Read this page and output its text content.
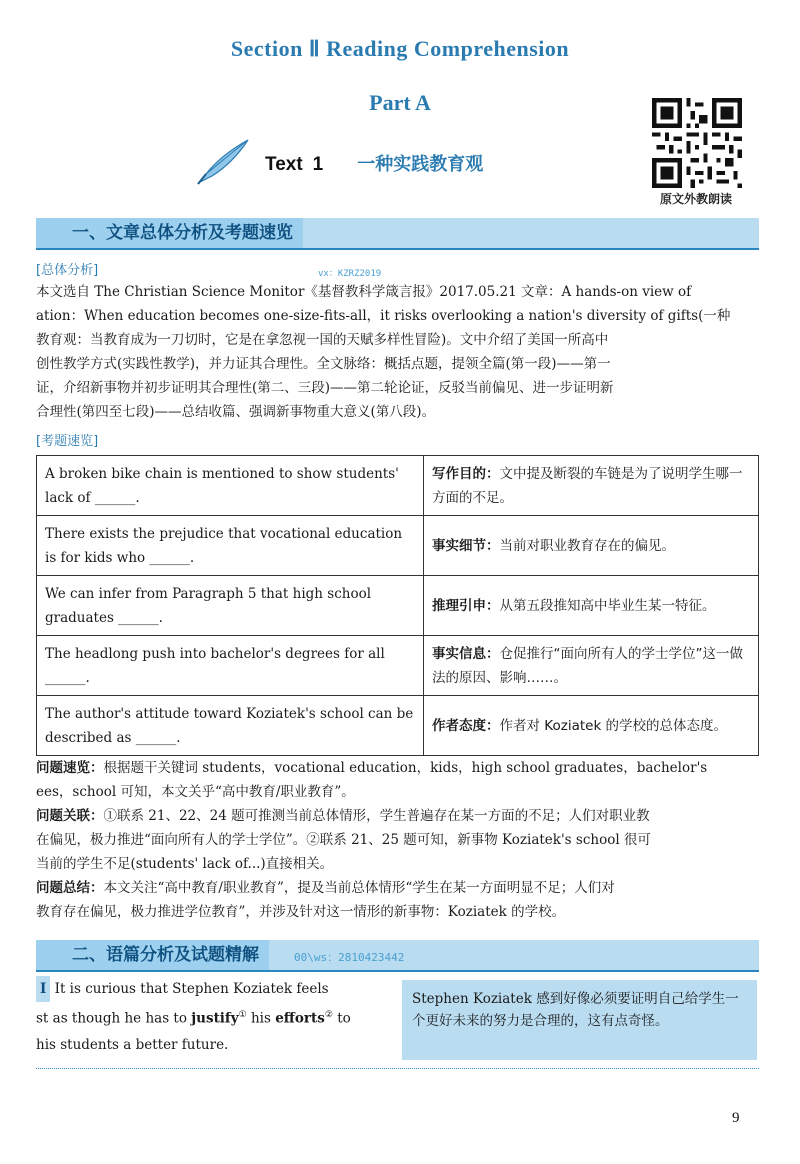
Section Ⅱ Reading Comprehension
Part A
Text 1 一种实践教育观
原文外教朗读
一、文章总体分析及考题速览
[总体分析]	vx：KZRZ2019
本文选自 The Christian Science Monitor《基督教科学箴言报》2017.05.21 文章：A hands-on view of
ation：When education becomes one-size-fits-all，it risks overlooking a nation's diversity of gifts(一种
教育观：当教育成为一刀切时，它是在拿忽视一国的天赋多样性冒险)。文中介绍了美国一所高中
创性教学方式(实践性教学)，并力证其合理性。全文脉络：概括点题，提领全篇(第一段)——第一
证，介绍新事物并初步证明其合理性(第二、三段)——第二轮论证，反驳当前偏见、进一步证明新
合理性(第四至七段)——总结收篇、强调新事物重大意义(第八段)。
[考题速览]
A broken bike chain is mentioned to show students' lack of ______.	写作目的：文中提及断裂的车链是为了说明学生哪一方面的不足。
There exists the prejudice that vocational education is for kids who ______.	事实细节：当前对职业教育存在的偏见。
We can infer from Paragraph 5 that high school graduates ______.	推理引申：从第五段推知高中毕业生某一特征。
The headlong push into bachelor's degrees for all ______.	事实信息：仓促推行“面向所有人的学士学位”这一做法的原因、影响……。
The author's attitude toward Koziatek's school can be described as ______.	作者态度：作者对 Koziatek 的学校的总体态度。
问题速览：根据题干关键词 students，vocational education，kids，high school graduates，bachelor's
ees，school 可知，本文关乎“高中教育/职业教育”。
问题关联：①联系 21、22、24 题可推测当前总体情形，学生普遍存在某一方面的不足；人们对职业教
在偏见，极力推进“面向所有人的学士学位”。②联系 21、25 题可知，新事物 Koziatek's school 很可
当前的学生不足(students' lack of...)直接相关。
问题总结：本文关注“高中教育/职业教育”，提及当前总体情形“学生在某一方面明显不足；人们对
教育存在偏见，极力推进学位教育”，并涉及针对这一情形的新事物：Koziatek 的学校。
二、语篇分析及试题精解	00\ws：2810423442
Ⅰ It is curious that Stephen Koziatek feels
st as though he has to justify① his efforts② to
his students a better future.
Stephen Koziatek 感到好像必须要证明自己给学生一个更好未来的努力是合理的，这有点奇怪。
9
